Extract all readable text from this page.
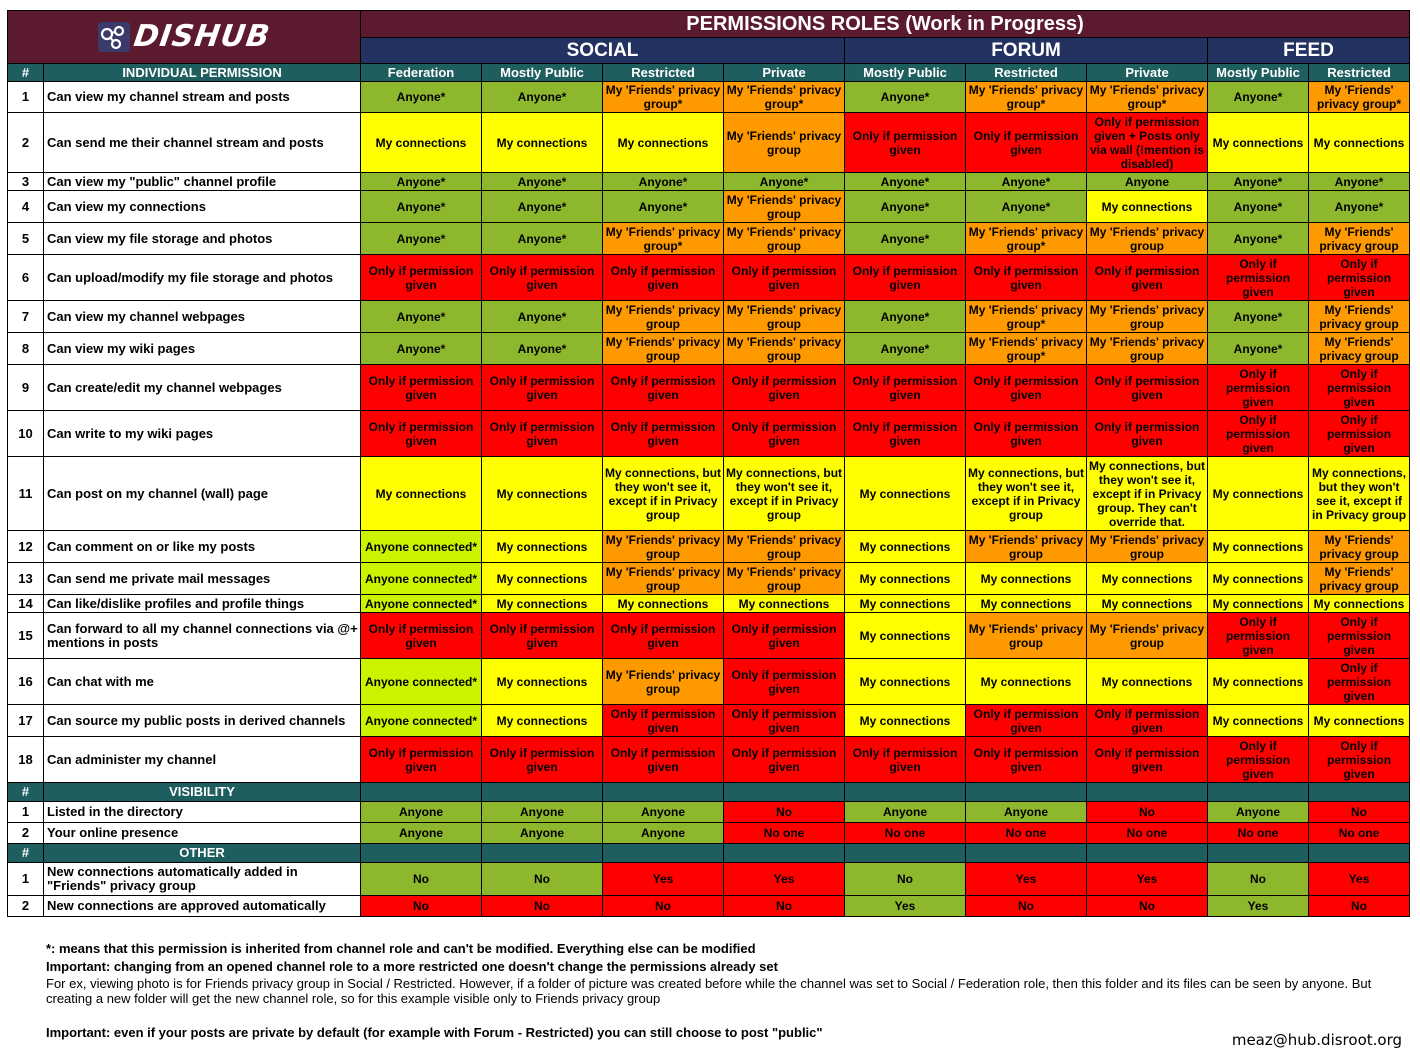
DISHUB		PERMISSIONS ROLES (Work in Progress)								
		SOCIAL				FORUM			FEED	
#	INDIVIDUAL PERMISSION	Federation	Mostly Public	Restricted	Private	Mostly Public	Restricted	Private	Mostly Public	Restricted
1	Can view my channel stream and posts	Anyone*	Anyone*	My 'Friends' privacy group*	My 'Friends' privacy group*	Anyone*	My 'Friends' privacy group*	My 'Friends' privacy group*	Anyone*	My 'Friends' privacy group*
2	Can send me their channel stream and posts	My connections	My connections	My connections	My 'Friends' privacy group	Only if permission given	Only if permission given	Only if permission given + Posts only via wall (!mention is disabled)	My connections	My connections
3	Can view my "public" channel profile	Anyone*	Anyone*	Anyone*	Anyone*	Anyone*	Anyone*	Anyone	Anyone*	Anyone*
4	Can view my connections	Anyone*	Anyone*	Anyone*	My 'Friends' privacy group	Anyone*	Anyone*	My connections	Anyone*	Anyone*
5	Can view my file storage and photos	Anyone*	Anyone*	My 'Friends' privacy group*	My 'Friends' privacy group	Anyone*	My 'Friends' privacy group*	My 'Friends' privacy group	Anyone*	My 'Friends' privacy group
6	Can upload/modify my file storage and photos	Only if permission given	Only if permission given	Only if permission given	Only if permission given	Only if permission given	Only if permission given	Only if permission given	Only if permission given	Only if permission given
7	Can view my channel webpages	Anyone*	Anyone*	My 'Friends' privacy group	My 'Friends' privacy group	Anyone*	My 'Friends' privacy group*	My 'Friends' privacy group	Anyone*	My 'Friends' privacy group
8	Can view my wiki pages	Anyone*	Anyone*	My 'Friends' privacy group	My 'Friends' privacy group	Anyone*	My 'Friends' privacy group*	My 'Friends' privacy group	Anyone*	My 'Friends' privacy group
9	Can create/edit my channel webpages	Only if permission given	Only if permission given	Only if permission given	Only if permission given	Only if permission given	Only if permission given	Only if permission given	Only if permission given	Only if permission given
10	Can write to my wiki pages	Only if permission given	Only if permission given	Only if permission given	Only if permission given	Only if permission given	Only if permission given	Only if permission given	Only if permission given	Only if permission given
11	Can post on my channel (wall) page	My connections	My connections	My connections, but they won't see it, except if in Privacy group	My connections, but they won't see it, except if in Privacy group	My connections	My connections, but they won't see it, except if in Privacy group	My connections, but they won't see it, except if in Privacy group. They can't override that.	My connections	My connections, but they won't see it, except if in Privacy group
12	Can comment on or like my posts	Anyone connected*	My connections	My 'Friends' privacy group	My 'Friends' privacy group	My connections	My 'Friends' privacy group	My 'Friends' privacy group	My connections	My 'Friends' privacy group
13	Can send me private mail messages	Anyone connected*	My connections	My 'Friends' privacy group	My 'Friends' privacy group	My connections	My connections	My connections	My connections	My 'Friends' privacy group
14	Can like/dislike profiles and profile things	Anyone connected*	My connections	My connections	My connections	My connections	My connections	My connections	My connections	My connections
15	Can forward to all my channel connections via @+ mentions in posts	Only if permission given	Only if permission given	Only if permission given	Only if permission given	My connections	My 'Friends' privacy group	My 'Friends' privacy group	Only if permission given	Only if permission given
16	Can chat with me	Anyone connected*	My connections	My 'Friends' privacy group	Only if permission given	My connections	My connections	My connections	My connections	Only if permission given
17	Can source my public posts in derived channels	Anyone connected*	My connections	Only if permission given	Only if permission given	My connections	Only if permission given	Only if permission given	My connections	My connections
18	Can administer my channel	Only if permission given	Only if permission given	Only if permission given	Only if permission given	Only if permission given	Only if permission given	Only if permission given	Only if permission given	Only if permission given
#	VISIBILITY									
1	Listed in the directory	Anyone	Anyone	Anyone	No	Anyone	Anyone	No	Anyone	No
2	Your online presence	Anyone	Anyone	Anyone	No one	No one	No one	No one	No one	No one
#	OTHER									
1	New connections automatically added in "Friends" privacy group	No	No	Yes	Yes	No	Yes	Yes	No	Yes
2	New connections are approved automatically	No	No	No	No	Yes	No	No	Yes	No

*: means that this permission is inherited from channel role and can't be modified. Everything else can be modified

Important: changing from an opened channel role to a more restricted one doesn't change the permissions already set

For ex, viewing photo is for Friends privacy group in Social / Restricted. However, if a folder of picture was created before while the channel was set to Social / Federation role, then this folder and its files can be seen by anyone. But creating a new folder will get the new channel role, so for this example visible only to Friends privacy group

Important: even if your posts are private by default (for example with Forum - Restricted) you can still choose to post "public"	meaz@hub.disroot.org
